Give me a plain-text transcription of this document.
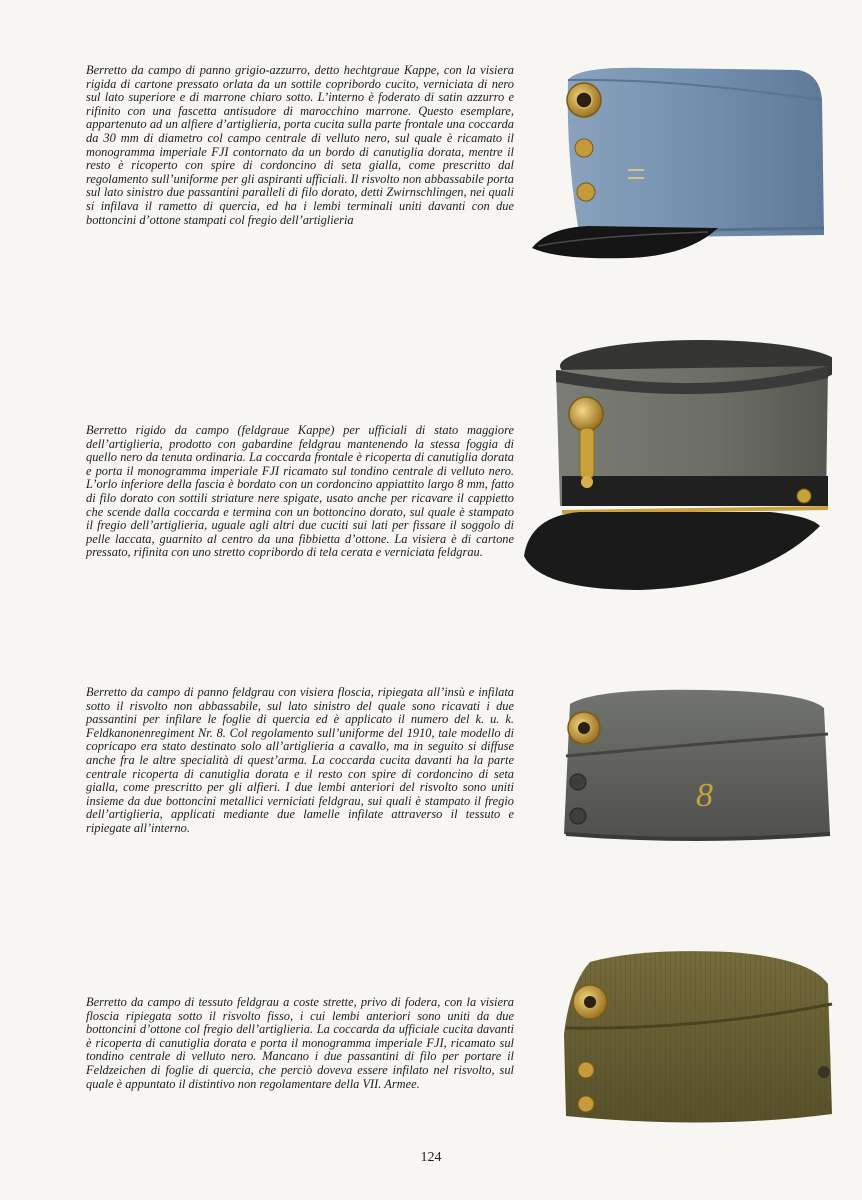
Berretto da campo di panno grigio-azzurro, detto hechtgraue Kappe, con la visiera rigida di cartone pressato orlata da un sottile copribordo cucito, verniciata di nero sul lato superiore e di marrone chiaro sotto. L’interno è foderato di satin azzurro e rifinito con una fascetta antisudore di marocchino marrone. Questo esemplare, appartenuto ad un alfiere d’artiglieria, porta cucita sulla parte frontale una coccarda da 30 mm di diametro col campo centrale di velluto nero, sul quale è ricamato il monogramma imperiale FJI contornato da un bordo di canutiglia dorata, mentre il resto è ricoperto con spire di cordoncino di seta gialla, come prescritto dal regolamento sull’uniforme per gli aspiranti ufficiali. Il risvolto non abbassabile porta sul lato sinistro due passantini paralleli di filo dorato, detti Zwirnschlingen, nei quali si infilava il rametto di quercia, ed ha i lembi terminali uniti davanti con due bottoncini d’ottone stampati col fregio dell’artiglieria

Berretto rigido da campo (feldgraue Kappe) per ufficiali di stato maggiore dell’artiglieria, prodotto con gabardine feldgrau mantenendo la stessa foggia di quello nero da tenuta ordinaria. La coccarda frontale è ricoperta di canutiglia dorata e porta il monogramma imperiale FJI ricamato sul tondino centrale di velluto nero. L’orlo inferiore della fascia è bordato con un cordoncino appiattito largo 8 mm, fatto di filo dorato con sottili striature nere spigate, usato anche per ricavare il cappietto che scende dalla coccarda e termina con un bottoncino dorato, sul quale è stampato il fregio dell’artiglieria, uguale agli altri due cuciti sui lati per fissare il soggolo di pelle laccata, guarnito al centro da una fibbietta d’ottone. La visiera è di cartone pressato, rifinita con uno stretto copribordo di tela cerata e verniciata feldgrau.

Berretto da campo di panno feldgrau con visiera floscia, ripiegata all’insù e infilata sotto il risvolto non abbassabile, sul lato sinistro del quale sono ricavati i due passantini per infilare le foglie di quercia ed è applicato il numero del k. u. k. Feldkanonenregiment Nr. 8. Col regolamento sull’uniforme del 1910, tale modello di copricapo era stato destinato solo all’artiglieria a cavallo, ma in seguito si diffuse anche fra le altre specialità di quest’arma. La coccarda cucita davanti ha la parte centrale ricoperta di canutiglia dorata e il resto con spire di cordoncino di seta gialla, come prescritto per gli alfieri. I due lembi anteriori del risvolto sono uniti insieme da due bottoncini metallici verniciati feldgrau, sui quali è stampato il fregio dell’artiglieria, applicati mediante due lamelle infilate attraverso il tessuto e ripiegate all’interno.

Berretto da campo di tessuto feldgrau a coste strette, privo di fodera, con la visiera floscia ripiegata sotto il risvolto fisso, i cui lembi anteriori sono uniti da due bottoncini d’ottone col fregio dell’artiglieria. La coccarda da ufficiale cucita davanti è ricoperta di canutiglia dorata e porta il monogramma imperiale FJI, ricamato sul tondino centrale di velluto nero. Mancano i due passantini di filo per portare il Feldzeichen di foglie di quercia, che perciò doveva essere infilato nel risvolto, sul quale è appuntato il distintivo non regolamentare della VII. Armee.

8
124
